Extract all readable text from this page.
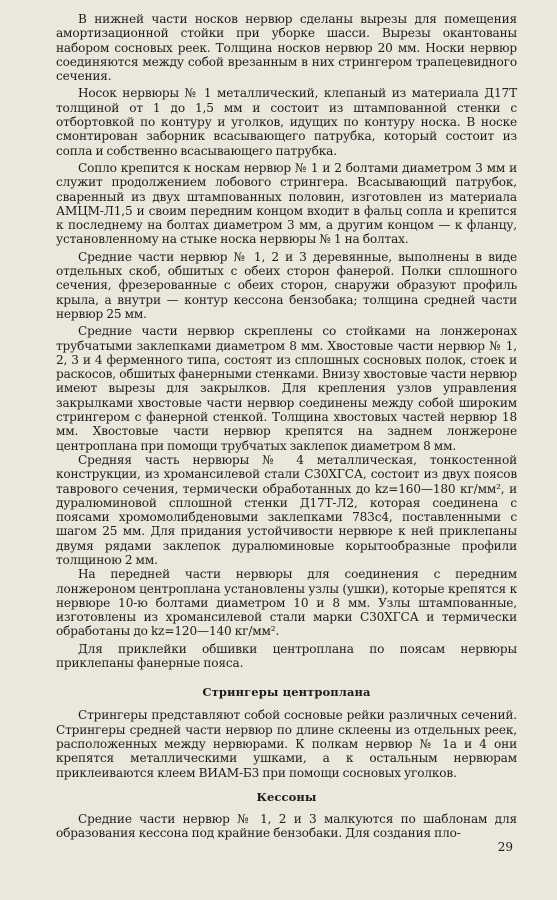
В нижней части носков нервюр сделаны вырезы для помещения амортизационной стойки при уборке шасси. Вырезы окантованы набором сосновых реек. Толщина носков нервюр 20 мм. Носки нервюр соединяются между собой врезанным в них стрингером трапецевидного сечения.

Носок нервюры № 1 металлический, клепаный из материала Д17Т толщиной от 1 до 1,5 мм и состоит из штампованной стенки с отбортовкой по контуру и уголков, идущих по контуру носка. В носке смонтирован заборник всасывающего патрубка, который состоит из сопла и собственно всасывающего патрубка.

Сопло крепится к носкам нервюр № 1 и 2 болтами диаметром 3 мм и служит продолжением лобового стрингера. Всасывающий патрубок, сваренный из двух штампованных половин, изготовлен из материала АМЦМ-Л1,5 и своим передним концом входит в фальц сопла и крепится к последнему на болтах диаметром 3 мм, а другим концом — к фланцу, установленному на стыке носка нервюры № 1 на болтах.

Средние части нервюр № 1, 2 и 3 деревянные, выполнены в виде отдельных скоб, обшитых с обеих сторон фанерой. Полки сплошного сечения, фрезерованные с обеих сторон, снаружи образуют профиль крыла, а внутри — контур кессона бензобака; толщина средней части нервюр 25 мм.

Средние части нервюр скреплены со стойками на лонжеронах трубчатыми заклепками диаметром 8 мм. Хвостовые части нервюр № 1, 2, 3 и 4 ферменного типа, состоят из сплошных сосновых полок, стоек и раскосов, обшитых фанерными стенками. Внизу хвостовые части нервюр имеют вырезы для закрылков. Для крепления узлов управления закрылками хвостовые части нервюр соединены между собой широким стрингером с фанерной стенкой. Толщина хвостовых частей нервюр 18 мм. Хвостовые части нервюр крепятся на заднем лонжероне центроплана при помощи трубчатых заклепок диаметром 8 мм.

Средняя часть нервюры № 4 металлическая, тонкостенной конструкции, из хромансилевой стали С30ХГСА, состоит из двух поясов таврового сечения, термически обработанных до kz=160—180 кг/мм², и дуралюминовой сплошной стенки Д17Т-Л2, которая соединена с поясами хромомолибденовыми заклепками 783с4, поставленными с шагом 25 мм. Для придания устойчивости нервюре к ней приклепаны двумя рядами заклепок дуралюминовые корытообразные профили толщиною 2 мм.

На передней части нервюры для соединения с передним лонжероном центроплана установлены узлы (ушки), которые крепятся к нервюре 10-ю болтами диаметром 10 и 8 мм. Узлы штампованные, изготовлены из хромансилевой стали марки С30ХГСА и термически обработаны до kz=120—140 кг/мм².

Для приклейки обшивки центроплана по поясам нервюры приклепаны фанерные пояса.

Стрингеры центроплана

Стрингеры представляют собой сосновые рейки различных сечений. Стрингеры средней части нервюр по длине склеены из отдельных реек, расположенных между нервюрами. К полкам нервюр № 1а и 4 они крепятся металлическими ушками, а к остальным нервюрам приклеиваются клеем ВИАМ-Б3 при помощи сосновых уголков.

Кессоны

Средние части нервюр № 1, 2 и 3 малкуются по шаблонам для образования кессона под крайние бензобаки. Для создания пло-

29
